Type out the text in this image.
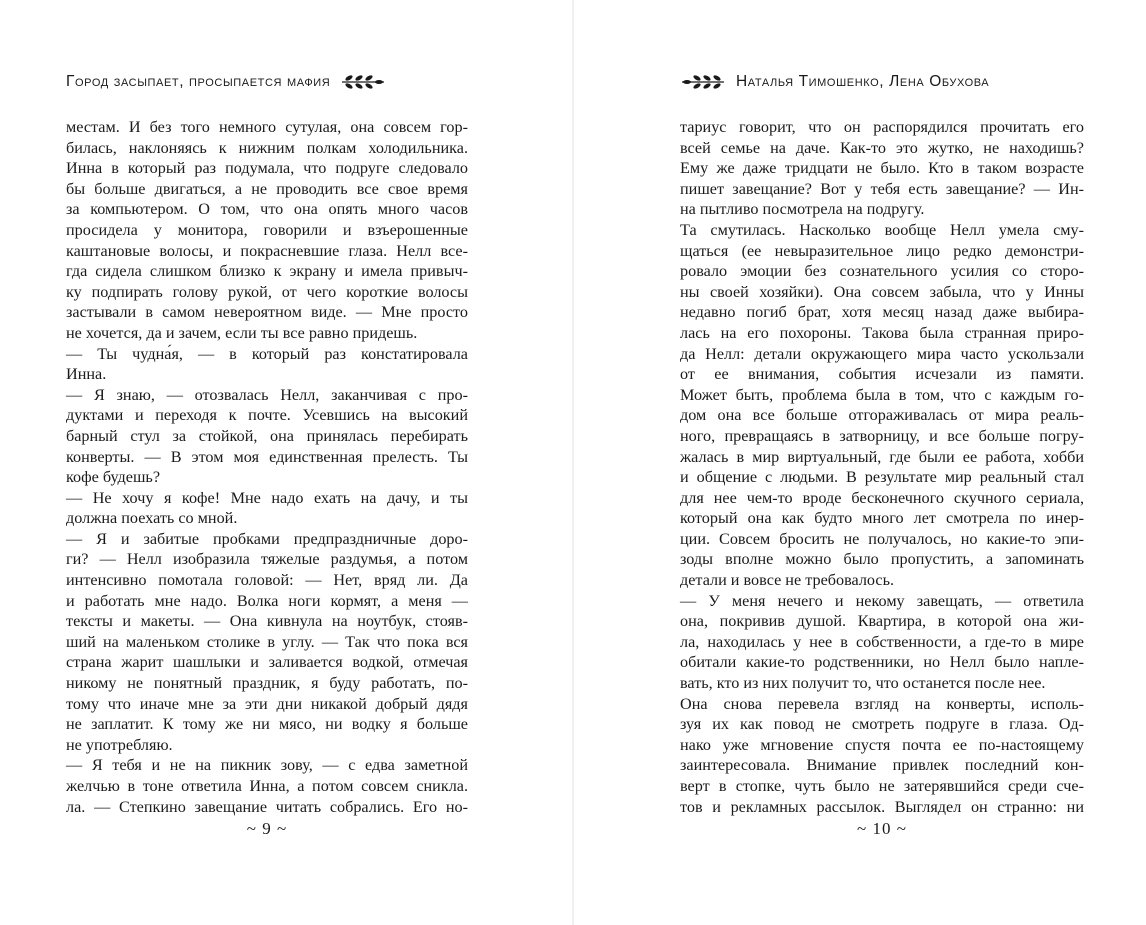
Город засыпает, просыпается мафия
местам. И без того немного сутулая, она совсем гор-
билась, наклоняясь к нижним полкам холодильника.
Инна в который раз подумала, что подруге следовало
бы больше двигаться, а не проводить все свое время
за компьютером. О том, что она опять много часов
просидела у монитора, говорили и взъерошенные
каштановые волосы, и покрасневшие глаза. Нелл все-
гда сидела слишком близко к экрану и имела привыч-
ку подпирать голову рукой, от чего короткие волосы
застывали в самом невероятном виде. — Мне просто
не хочется, да и зачем, если ты все равно придешь.
— Ты чудна́я, — в который раз констатировала
Инна.
— Я знаю, — отозвалась Нелл, заканчивая с про-
дуктами и переходя к почте. Усевшись на высокий
барный стул за стойкой, она принялась перебирать
конверты. — В этом моя единственная прелесть. Ты
кофе будешь?
— Не хочу я кофе! Мне надо ехать на дачу, и ты
должна поехать со мной.
— Я и забитые пробками предпраздничные доро-
ги? — Нелл изобразила тяжелые раздумья, а потом
интенсивно помотала головой: — Нет, вряд ли. Да
и работать мне надо. Волка ноги кормят, а меня —
тексты и макеты. — Она кивнула на ноутбук, стояв-
ший на маленьком столике в углу. — Так что пока вся
страна жарит шашлыки и заливается водкой, отмечая
никому не понятный праздник, я буду работать, по-
тому что иначе мне за эти дни никакой добрый дядя
не заплатит. К тому же ни мясо, ни водку я больше
не употребляю.
— Я тебя и не на пикник зову, — с едва заметной
желчью в тоне ответила Инна, а потом совсем сникла.
ла. — Степкино завещание читать собрались. Его но-
~ 9 ~
Наталья Тимошенко, Лена Обухова
тариус говорит, что он распорядился прочитать его
всей семье на даче. Как-то это жутко, не находишь?
Ему же даже тридцати не было. Кто в таком возрасте
пишет завещание? Вот у тебя есть завещание? — Ин-
на пытливо посмотрела на подругу.
Та смутилась. Насколько вообще Нелл умела сму-
щаться (ее невыразительное лицо редко демонстри-
ровало эмоции без сознательного усилия со сторо-
ны своей хозяйки). Она совсем забыла, что у Инны
недавно погиб брат, хотя месяц назад даже выбира-
лась на его похороны. Такова была странная приро-
да Нелл: детали окружающего мира часто ускользали
от ее внимания, события исчезали из памяти.
Может быть, проблема была в том, что с каждым го-
дом она все больше отгораживалась от мира реаль-
ного, превращаясь в затворницу, и все больше погру-
жалась в мир виртуальный, где были ее работа, хобби
и общение с людьми. В результате мир реальный стал
для нее чем-то вроде бесконечного скучного сериала,
который она как будто много лет смотрела по инер-
ции. Совсем бросить не получалось, но какие-то эпи-
зоды вполне можно было пропустить, а запоминать
детали и вовсе не требовалось.
— У меня нечего и некому завещать, — ответила
она, покривив душой. Квартира, в которой она жи-
ла, находилась у нее в собственности, а где-то в мире
обитали какие-то родственники, но Нелл было напле-
вать, кто из них получит то, что останется после нее.
Она снова перевела взгляд на конверты, исполь-
зуя их как повод не смотреть подруге в глаза. Од-
нако уже мгновение спустя почта ее по-настоящему
заинтересовала. Внимание привлек последний кон-
верт в стопке, чуть было не затерявшийся среди сче-
тов и рекламных рассылок. Выглядел он странно: ни
~ 10 ~
